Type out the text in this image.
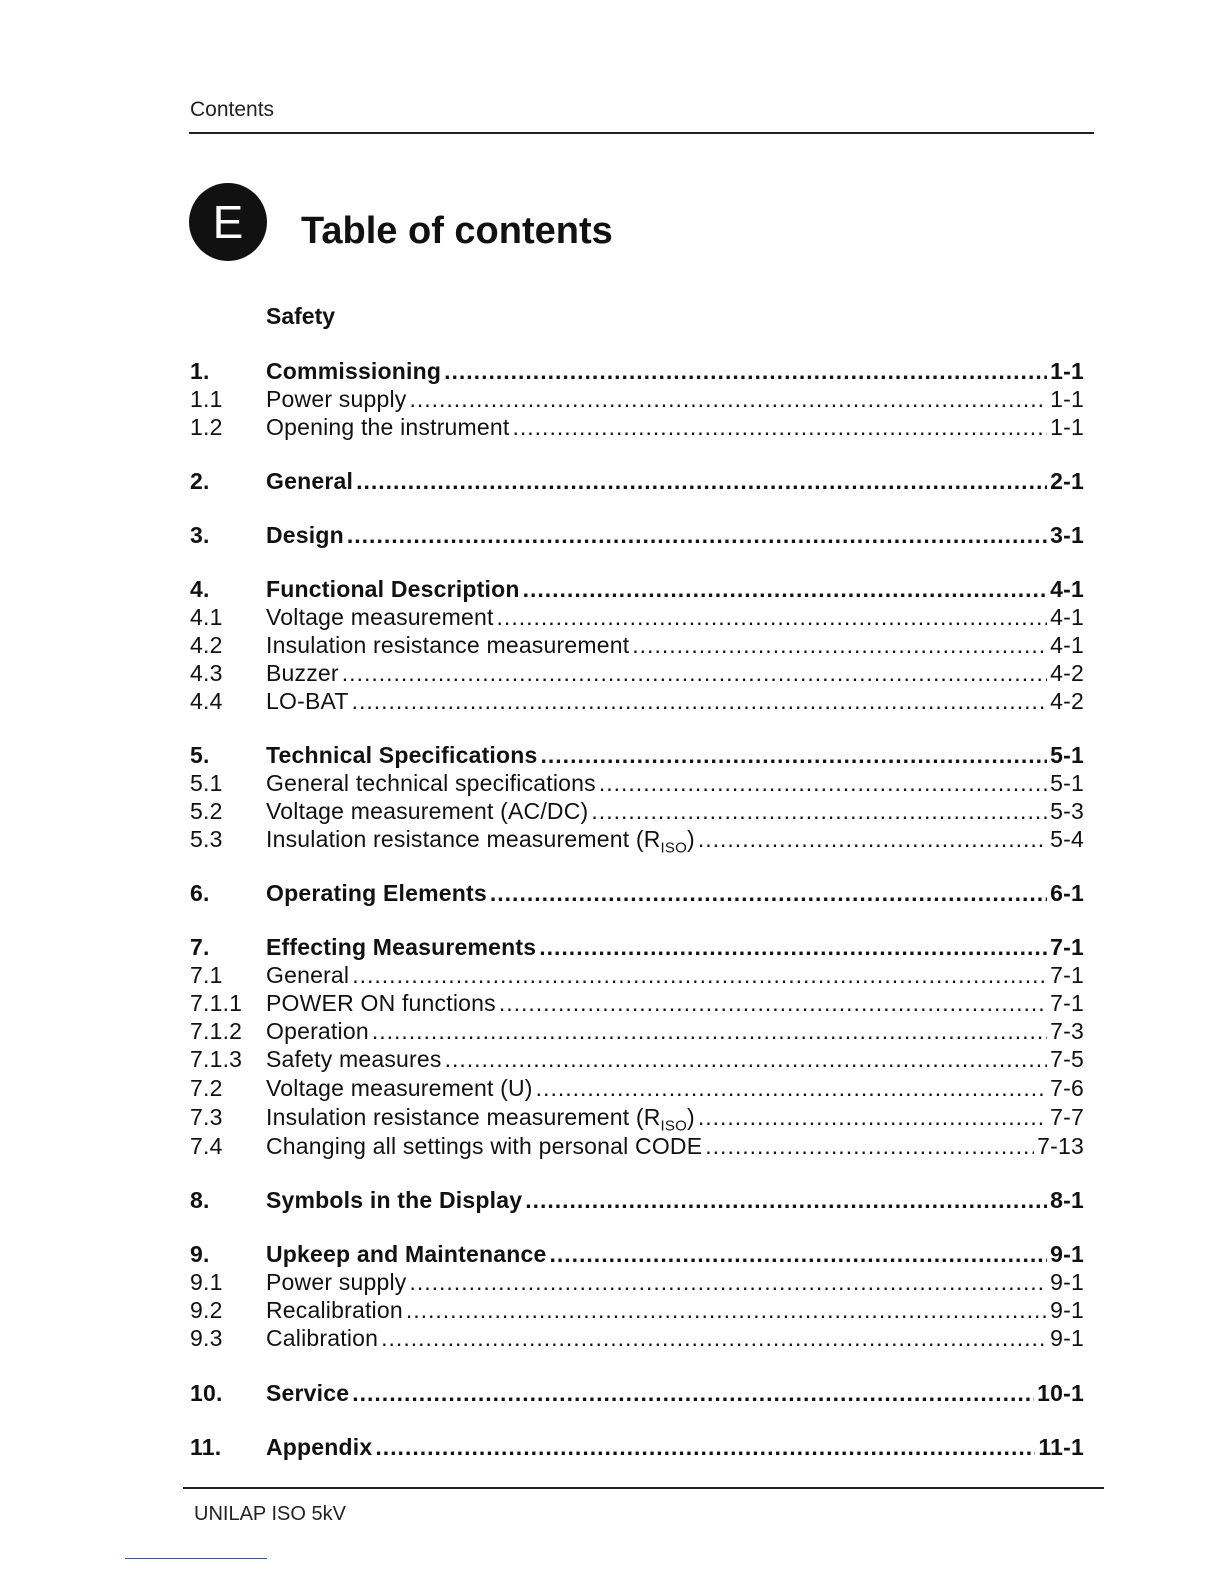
Contents
E	Table of contents
Safety
1.	Commissioning .....	1-1
1.1	Power supply .....	1-1
1.2	Opening the instrument .....	1-1
2.	General .....	2-1
3.	Design .....	3-1
4.	Functional Description .....	4-1
4.1	Voltage measurement .....	4-1
4.2	Insulation resistance measurement .....	4-1
4.3	Buzzer .....	4-2
4.4	LO-BAT .....	4-2
5.	Technical Specifications .....	5-1
5.1	General technical specifications .....	5-1
5.2	Voltage measurement (AC/DC) .....	5-3
5.3	Insulation resistance measurement $(R_{ISO})$ .....	5-4
6.	Operating Elements .....	6-1
7.	Effecting Measurements .....	7-1
7.1	General .....	7-1
7.1.1	POWER ON functions .....	7-1
7.1.2	Operation .....	7-3
7.1.3	Safety measures .....	7-5
7.2	Voltage measurement (U) .....	7-6
7.3	Insulation resistance measurement $(R_{ISO})$ .....	7-7
7.4	Changing all settings with personal CODE .....	7-13
8.	Symbols in the Display .....	8-1
9.	Upkeep and Maintenance .....	9-1
9.1	Power supply .....	9-1
9.2	Recalibration .....	9-1
9.3	Calibration .....	9-1
10.	Service .....	10-1
11.	Appendix .....	11-1
UNILAP ISO 5kV
